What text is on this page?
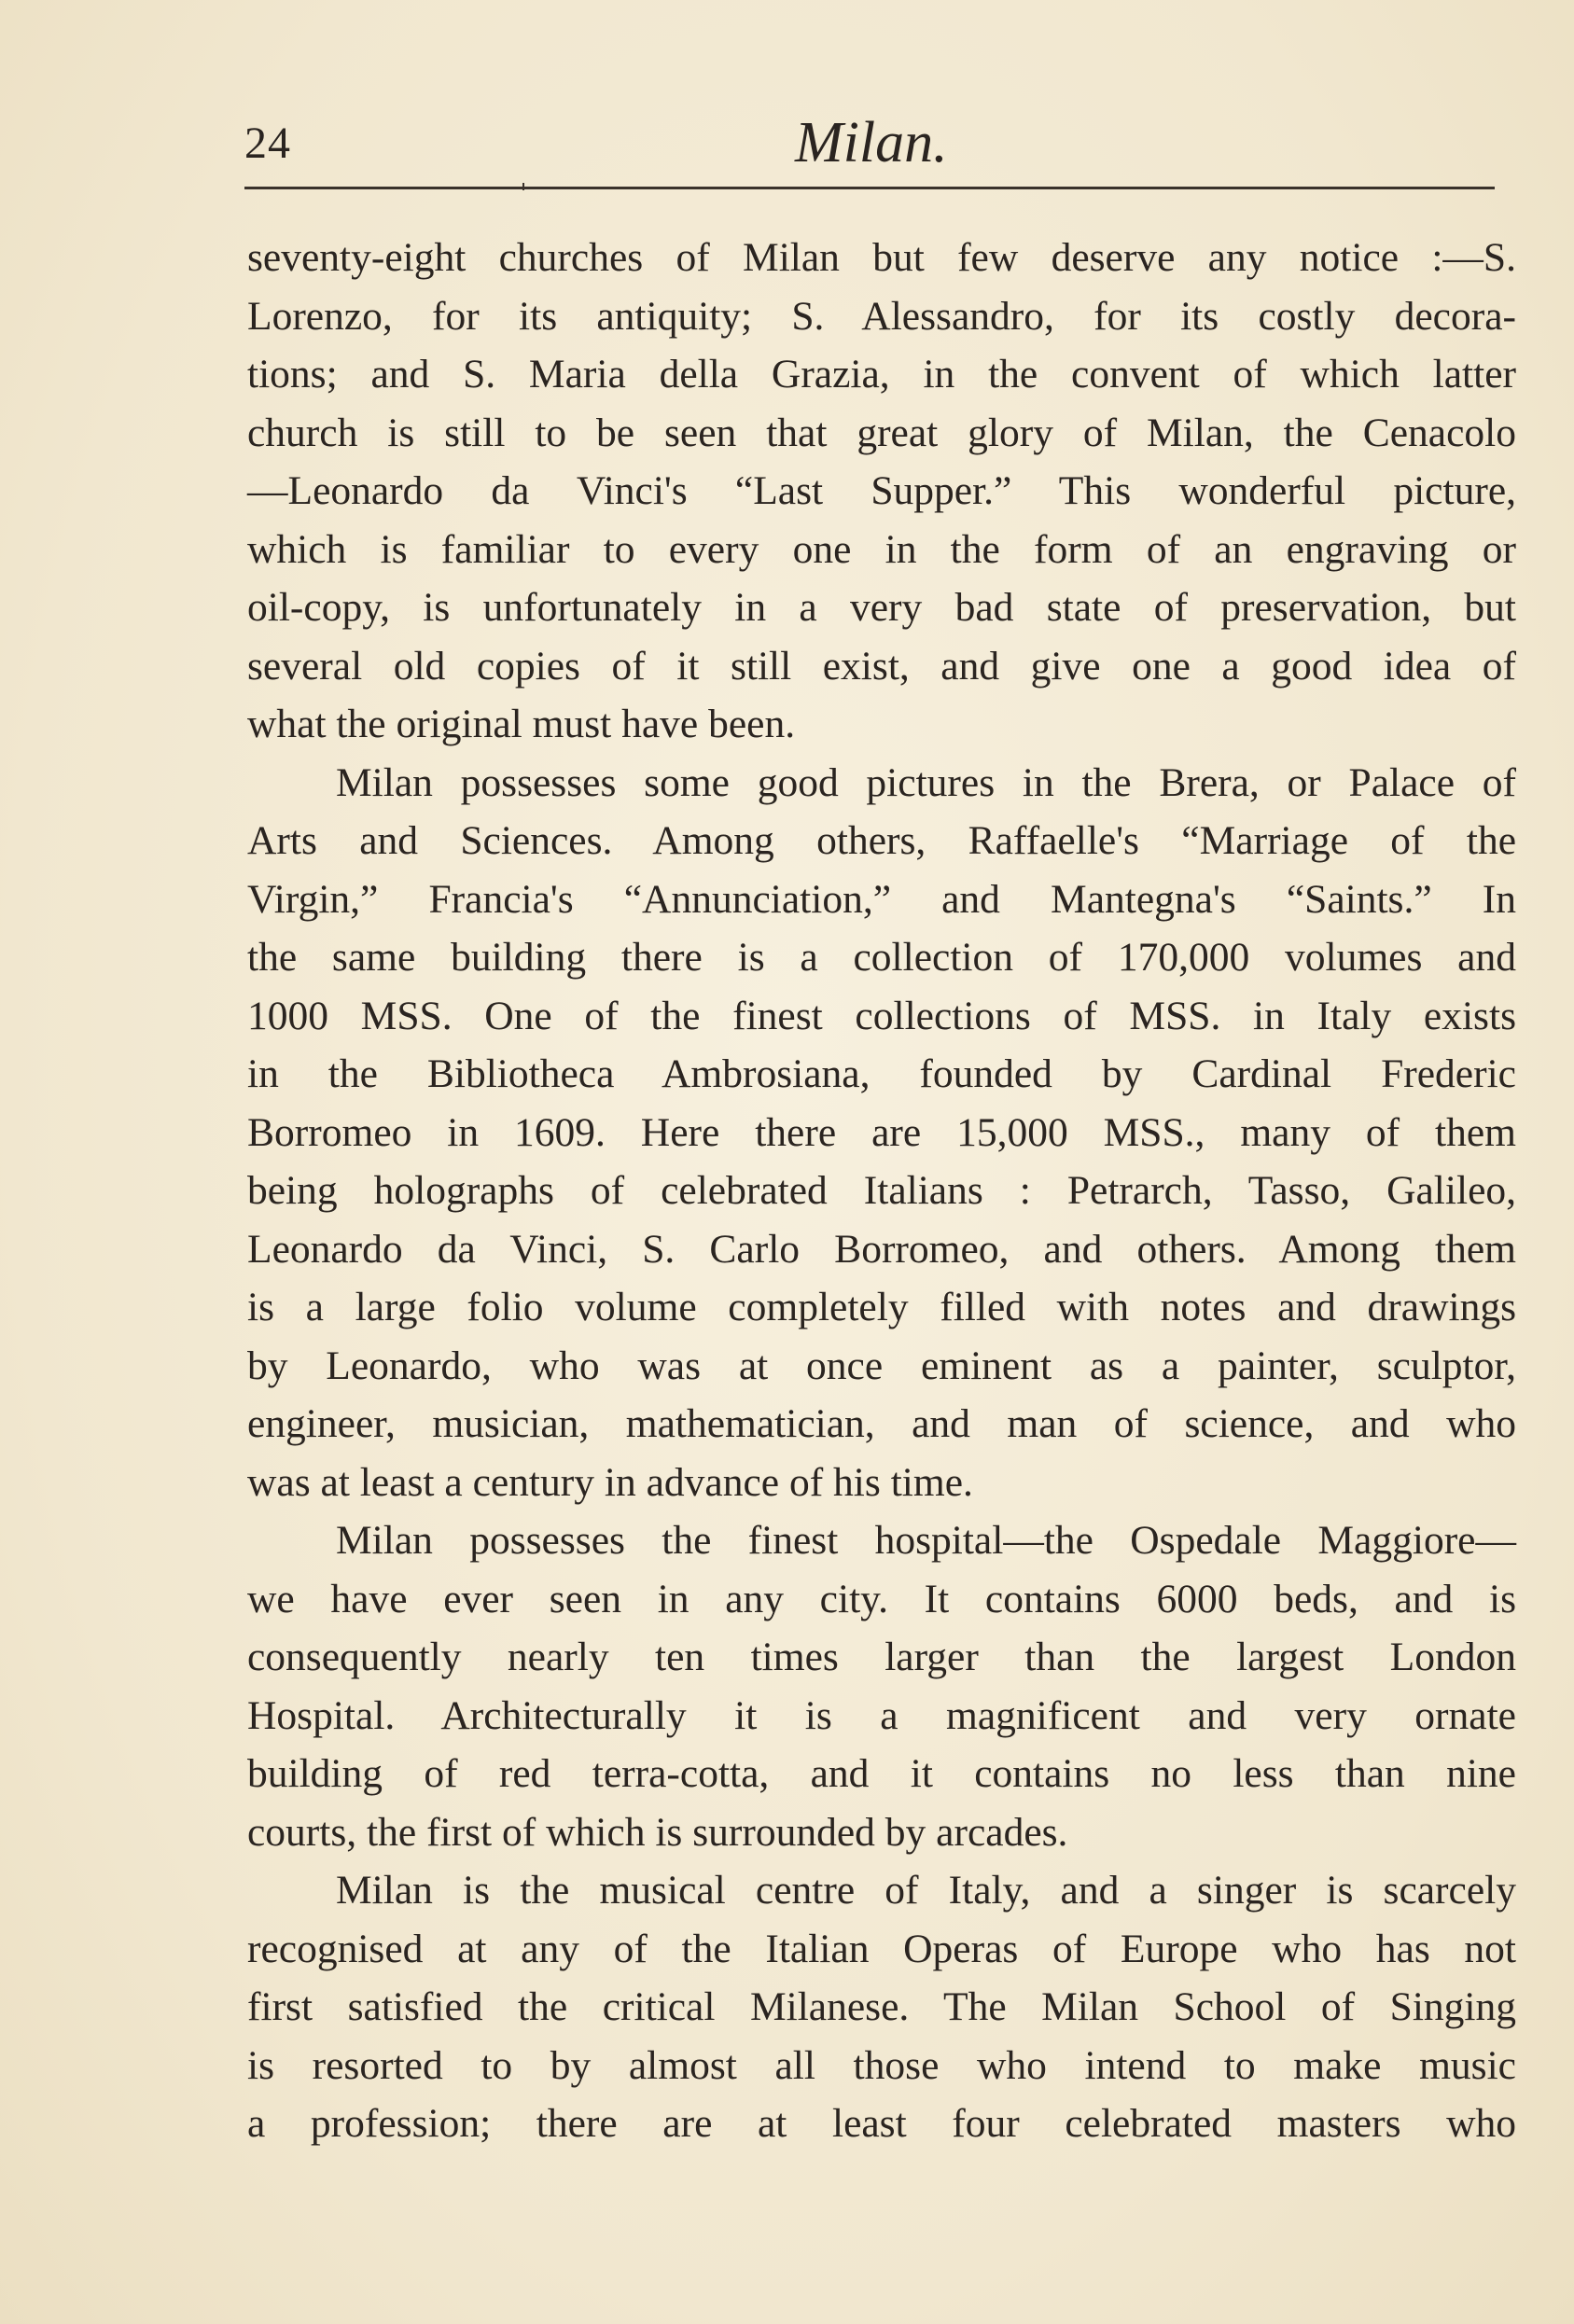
24	Milan.
seventy-eight churches of Milan but few deserve any notice :—S.
Lorenzo, for its antiquity; S. Alessandro, for its costly decora-
tions; and S. Maria della Grazia, in the convent of which latter
church is still to be seen that great glory of Milan, the Cenacolo
—Leonardo da Vinci's “Last Supper.” This wonderful picture,
which is familiar to every one in the form of an engraving or
oil-copy, is unfortunately in a very bad state of preservation, but
several old copies of it still exist, and give one a good idea of
what the original must have been.
Milan possesses some good pictures in the Brera, or Palace of
Arts and Sciences. Among others, Raffaelle's “Marriage of the
Virgin,” Francia's “Annunciation,” and Mantegna's “Saints.” In
the same building there is a collection of 170,000 volumes and
1000 MSS. One of the finest collections of MSS. in Italy exists
in the Bibliotheca Ambrosiana, founded by Cardinal Frederic
Borromeo in 1609. Here there are 15,000 MSS., many of them
being holographs of celebrated Italians : Petrarch, Tasso, Galileo,
Leonardo da Vinci, S. Carlo Borromeo, and others. Among them
is a large folio volume completely filled with notes and drawings
by Leonardo, who was at once eminent as a painter, sculptor,
engineer, musician, mathematician, and man of science, and who
was at least a century in advance of his time.
Milan possesses the finest hospital—the Ospedale Maggiore—
we have ever seen in any city. It contains 6000 beds, and is
consequently nearly ten times larger than the largest London
Hospital. Architecturally it is a magnificent and very ornate
building of red terra-cotta, and it contains no less than nine
courts, the first of which is surrounded by arcades.
Milan is the musical centre of Italy, and a singer is scarcely
recognised at any of the Italian Operas of Europe who has not
first satisfied the critical Milanese. The Milan School of Singing
is resorted to by almost all those who intend to make music
a profession; there are at least four celebrated masters who
